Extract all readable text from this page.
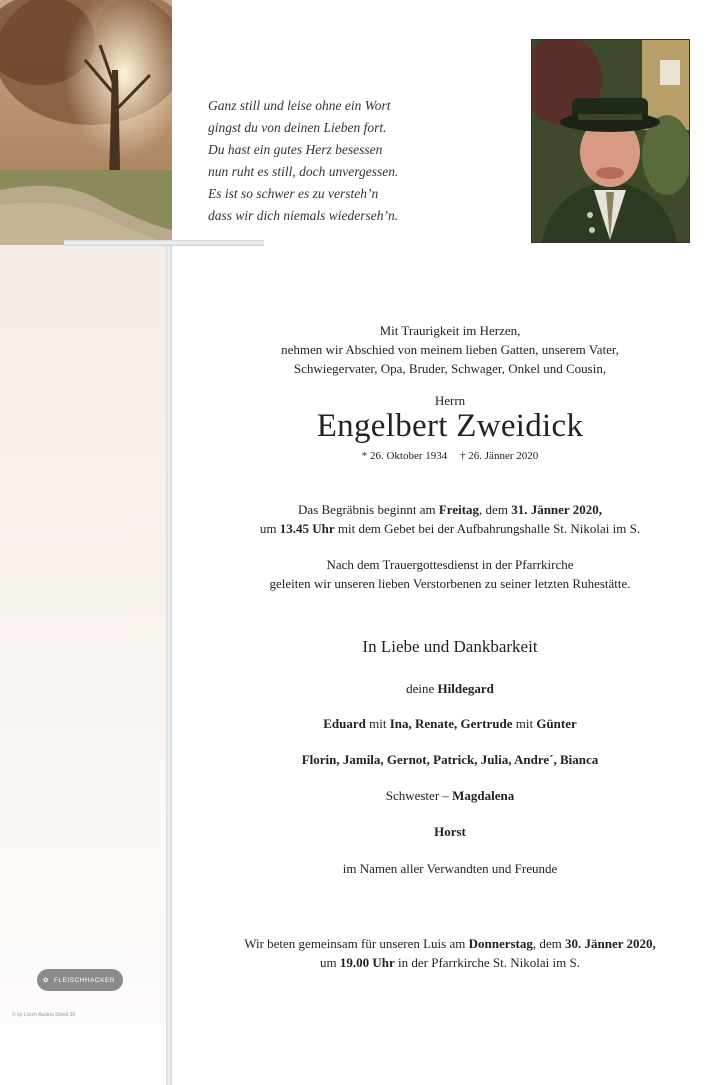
Ganz still und leise ohne ein Wort
gingst du von deinen Lieben fort.
Du hast ein gutes Herz besessen
nun ruht es still, doch unvergessen.
Es ist so schwer es zu versteh’n
dass wir dich niemals wiederseh’n.
Mit Traurigkeit im Herzen,
nehmen wir Abschied von meinem lieben Gatten, unserem Vater,
Schwiegervater, Opa, Bruder, Schwager, Onkel und Cousin,
Herrn
Engelbert Zweidick
* 26. Oktober 1934 † 26. Jänner 2020
Das Begräbnis beginnt am Freitag, dem 31. Jänner 2020,
um 13.45 Uhr mit dem Gebet bei der Aufbahrungshalle St. Nikolai im S.
Nach dem Trauergottesdienst in der Pfarrkirche
geleiten wir unseren lieben Verstorbenen zu seiner letzten Ruhestätte.
In Liebe und Dankbarkeit
deine Hildegard
Eduard mit Ina, Renate, Gertrude mit Günter
Florin, Jamila, Gernot, Patrick, Julia, Andre´, Bianca
Schwester – Magdalena
Horst
im Namen aller Verwandten und Freunde
Wir beten gemeinsam für unseren Luis am Donnerstag, dem 30. Jänner 2020,
um 19.00 Uhr in der Pfarrkirche St. Nikolai im S.
✿ FLEISCHHACKER
© by Lösch Austria Stand 30
